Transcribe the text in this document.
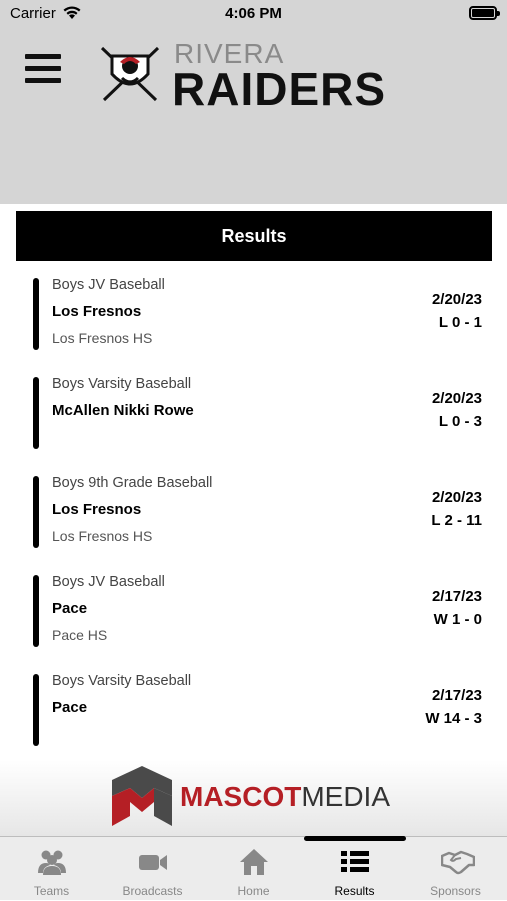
Carrier	4:06 PM
RIVERA
RAIDERS
Results
Boys JV Baseball
Los Fresnos
Los Fresnos HS
2/20/23
L 0 - 1
Boys Varsity Baseball
McAllen Nikki Rowe
2/20/23
L 0 - 3
Boys 9th Grade Baseball
Los Fresnos
Los Fresnos HS
2/20/23
L 2 - 11
Boys JV Baseball
Pace
Pace HS
2/17/23
W 1 - 0
Boys Varsity Baseball
Pace
2/17/23
W 14 - 3
MASCOTMEDIA
Teams	Broadcasts	Home	Results	Sponsors
